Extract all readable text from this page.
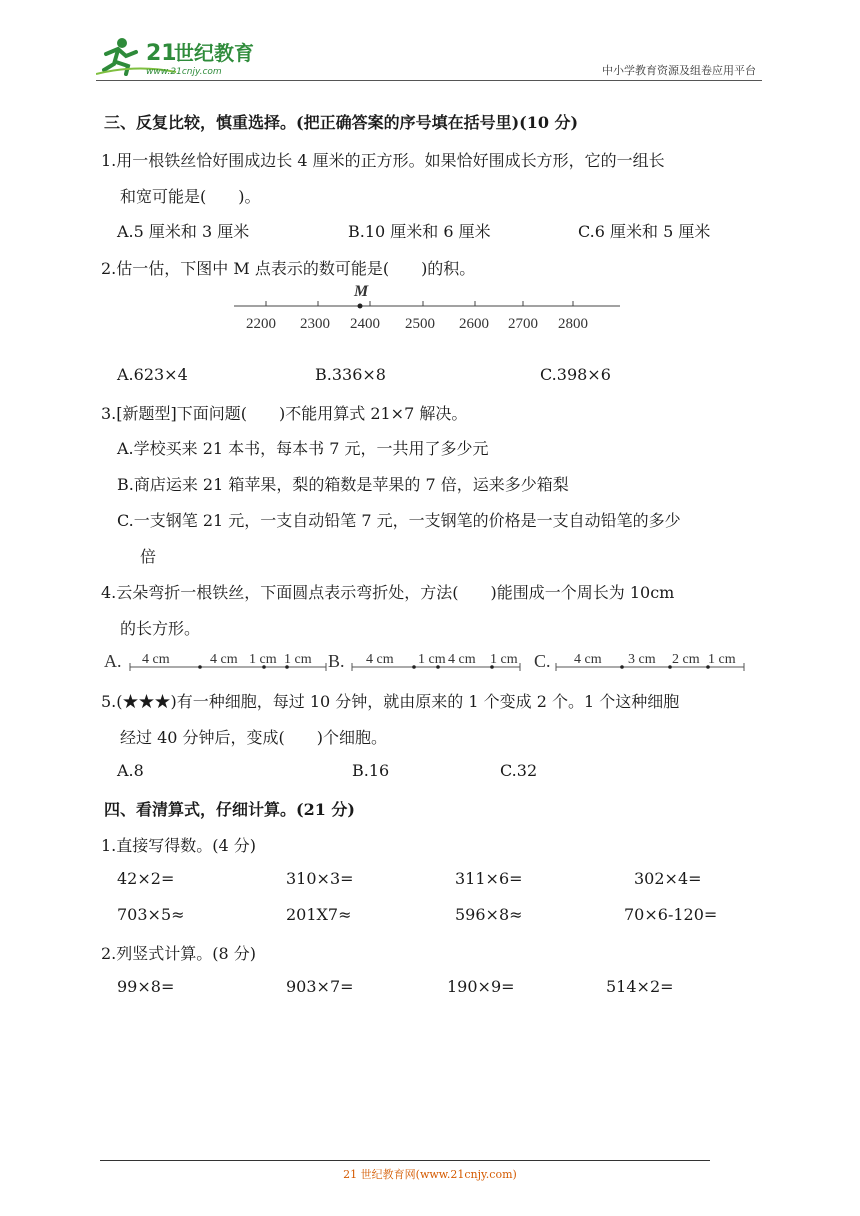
21
世纪教育
www.21cnjy.com	中小学教育资源及组卷应用平台
三、反复比较，慎重选择。(把正确答案的序号填在括号里)(10 分)
1.用一根铁丝恰好围成边长 4 厘米的正方形。如果恰好围成长方形，它的一组长
和宽可能是(　　)。
A.5 厘米和 3 厘米	B.10 厘米和 6 厘米	C.6 厘米和 5 厘米
2.估一估，下图中 M 点表示的数可能是(　　)的积。
M
2200 2300 2400 2500 2600 2700 2800
A.623×4	B.336×8	C.398×6
3.[新题型]下面问题(　　)不能用算式 21×7 解决。
A.学校买来 21 本书，每本书 7 元，一共用了多少元
B.商店运来 21 箱苹果，梨的箱数是苹果的 7 倍，运来多少箱梨
C.一支钢笔 21 元，一支自动铅笔 7 元，一支钢笔的价格是一支自动铅笔的多少
倍
4.云朵弯折一根铁丝，下面圆点表示弯折处，方法(　　)能围成一个周长为 10cm
的长方形。
A. 4 cm	4 cm 1 cm 1 cm B. 4 cm 1 cm 4 cm 1 cm C. 4 cm 3 cm 2 cm 1 cm
5.(★★★)有一种细胞，每过 10 分钟，就由原来的 1 个变成 2 个。1 个这种细胞
经过 40 分钟后，变成(　　)个细胞。
A.8	B.16	C.32
四、看清算式，仔细计算。(21 分)
1.直接写得数。(4 分)
42×2=	310×3=	311×6=	302×4=
703×5≈	201X7≈	596×8≈	70×6-120=
2.列竖式计算。(8 分)
99×8=	903×7=	190×9=	514×2=
21 世纪教育网(www.21cnjy.com)
